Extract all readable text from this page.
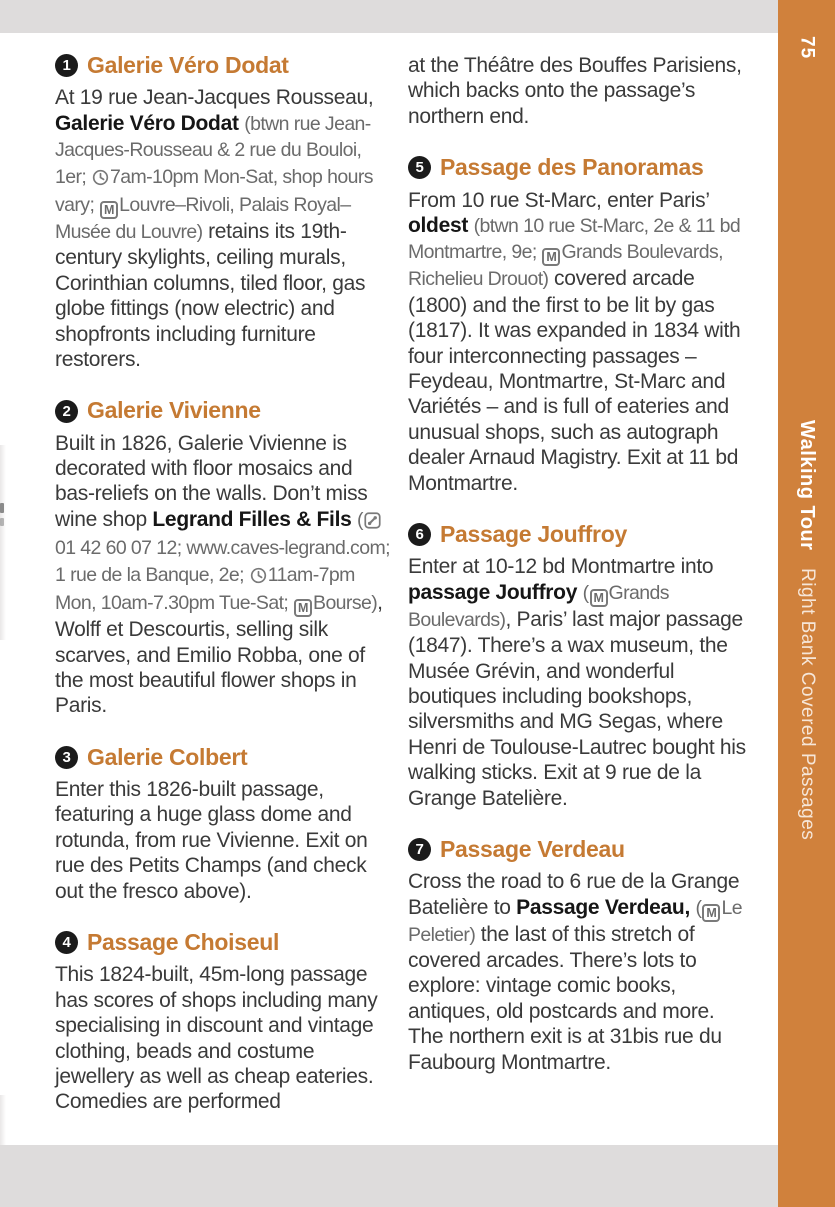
1 Galerie Véro Dodat

At 19 rue Jean-Jacques Rousseau, Galerie Véro Dodat (btwn rue Jean-Jacques-Rousseau & 2 rue du Bouloi, 1er; 7am-10pm Mon-Sat, shop hours vary; M Louvre–Rivoli, Palais Royal–Musée du Louvre) retains its 19th-century skylights, ceiling murals, Corinthian columns, tiled floor, gas globe fittings (now electric) and shopfronts including furniture restorers.

2 Galerie Vivienne

Built in 1826, Galerie Vivienne is decorated with floor mosaics and bas-reliefs on the walls. Don’t miss wine shop Legrand Filles & Fils (01 42 60 07 12; www.caves-legrand.com; 1 rue de la Banque, 2e; 11am-7pm Mon, 10am-7.30pm Tue-Sat; M Bourse), Wolff et Descourtis, selling silk scarves, and Emilio Robba, one of the most beautiful flower shops in Paris.

3 Galerie Colbert

Enter this 1826-built passage, featuring a huge glass dome and rotunda, from rue Vivienne. Exit on rue des Petits Champs (and check out the fresco above).

4 Passage Choiseul

This 1824-built, 45m-long passage has scores of shops including many specialising in discount and vintage clothing, beads and costume jewellery as well as cheap eateries. Comedies are performed

at the Théâtre des Bouffes Parisiens, which backs onto the passage’s northern end.

5 Passage des Panoramas

From 10 rue St-Marc, enter Paris’ oldest (btwn 10 rue St-Marc, 2e & 11 bd Montmartre, 9e; M Grands Boulevards, Richelieu Drouot) covered arcade (1800) and the first to be lit by gas (1817). It was expanded in 1834 with four interconnecting passages – Feydeau, Montmartre, St-Marc and Variétés – and is full of eateries and unusual shops, such as autograph dealer Arnaud Magistry. Exit at 11 bd Montmartre.

6 Passage Jouffroy

Enter at 10-12 bd Montmartre into passage Jouffroy ( M Grands Boulevards), Paris’ last major passage (1847). There’s a wax museum, the Musée Grévin, and wonderful boutiques including bookshops, silversmiths and MG Segas, where Henri de Toulouse-Lautrec bought his walking sticks. Exit at 9 rue de la Grange Batelière.

7 Passage Verdeau

Cross the road to 6 rue de la Grange Batelière to Passage Verdeau, ( M Le Peletier) the last of this stretch of covered arcades. There’s lots to explore: vintage comic books, antiques, old postcards and more. The northern exit is at 31bis rue du Faubourg Montmartre.

75
Walking TourRight Bank Covered Passages
